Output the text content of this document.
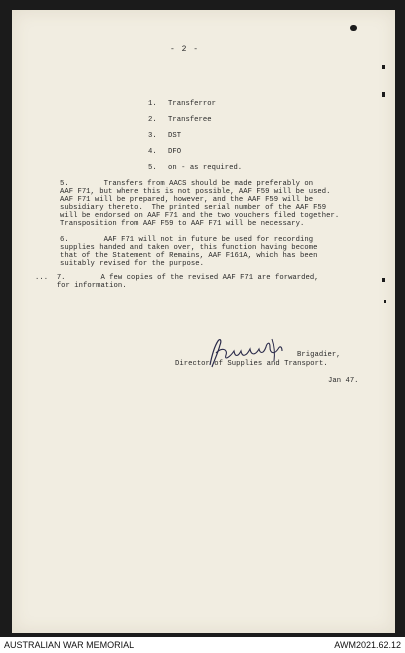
- 2 -
1. Transferror
2. Transferee
3. DST
4. DFO
5. on - as required.
5.        Transfers from AACS should be made preferably on
AAF F71, but where this is not possible, AAF F59 will be used.
AAF F71 will be prepared, however, and the AAF F59 will be
subsidiary thereto.  The printed serial number of the AAF F59
will be endorsed on AAF F71 and the two vouchers filed together.
Transposition from AAF F59 to AAF F71 will be necessary.
6.        AAF F71 will not in future be used for recording
supplies handed and taken over, this function having become
that of the Statement of Remains, AAF F161A, which has been
suitably revised for the purpose.
...  7.        A few copies of the revised AAF F71 are forwarded,
for information.
Brigadier,
Director of Supplies and Transport.
Jan 47.
AUSTRALIAN WAR MEMORIAL	AWM2021.62.12
